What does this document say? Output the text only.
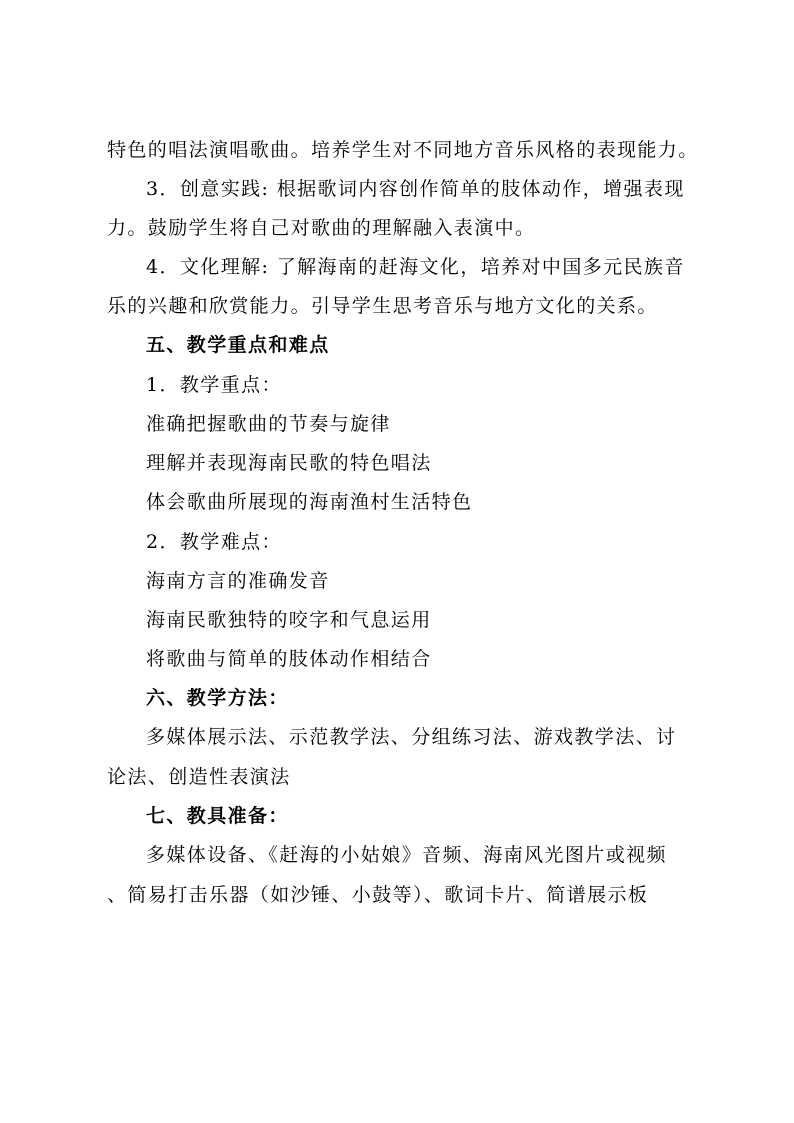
特色的唱法演唱歌曲。培养学生对不同地方音乐风格的表现能力。
3．创意实践: 根据歌词内容创作简单的肢体动作，增强表现
力。鼓励学生将自己对歌曲的理解融入表演中。
4．文化理解: 了解海南的赶海文化，培养对中国多元民族音
乐的兴趣和欣赏能力。引导学生思考音乐与地方文化的关系。
五、教学重点和难点
1．教学重点：
准确把握歌曲的节奏与旋律
理解并表现海南民歌的特色唱法
体会歌曲所展现的海南渔村生活特色
2．教学难点：
海南方言的准确发音
海南民歌独特的咬字和气息运用
将歌曲与简单的肢体动作相结合
六、教学方法：
多媒体展示法、示范教学法、分组练习法、游戏教学法、讨
论法、创造性表演法
七、教具准备：
多媒体设备、《赶海的小姑娘》音频、海南风光图片或视频
、简易打击乐器（如沙锤、小鼓等）、歌词卡片、简谱展示板
